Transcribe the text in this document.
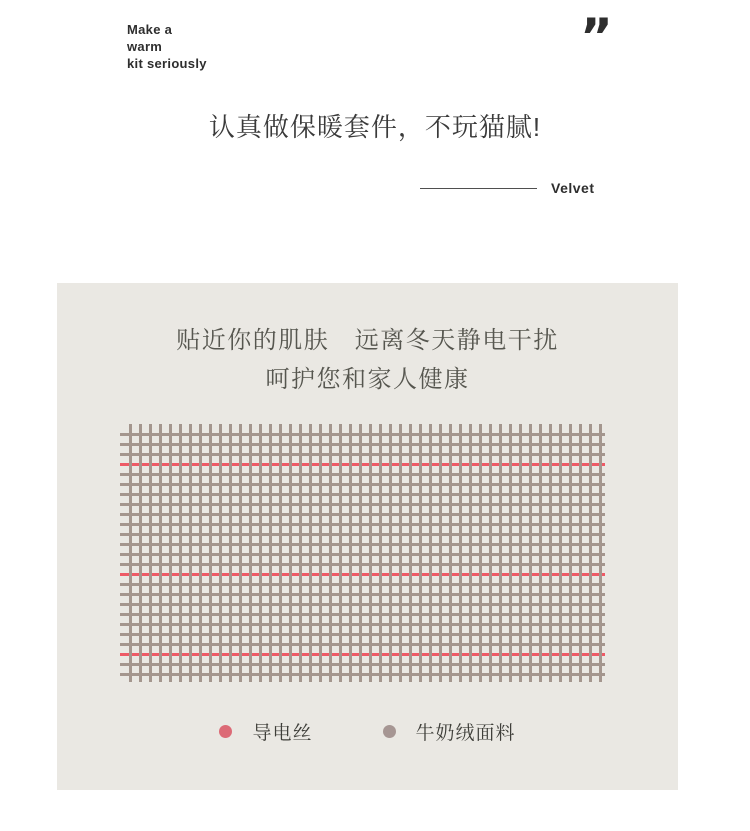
Make a
warm
kit seriously	”
认真做保暖套件，不玩猫腻!
Velvet
贴近你的肌肤　远离冬天静电干扰
呵护您和家人健康
导电丝	牛奶绒面料
